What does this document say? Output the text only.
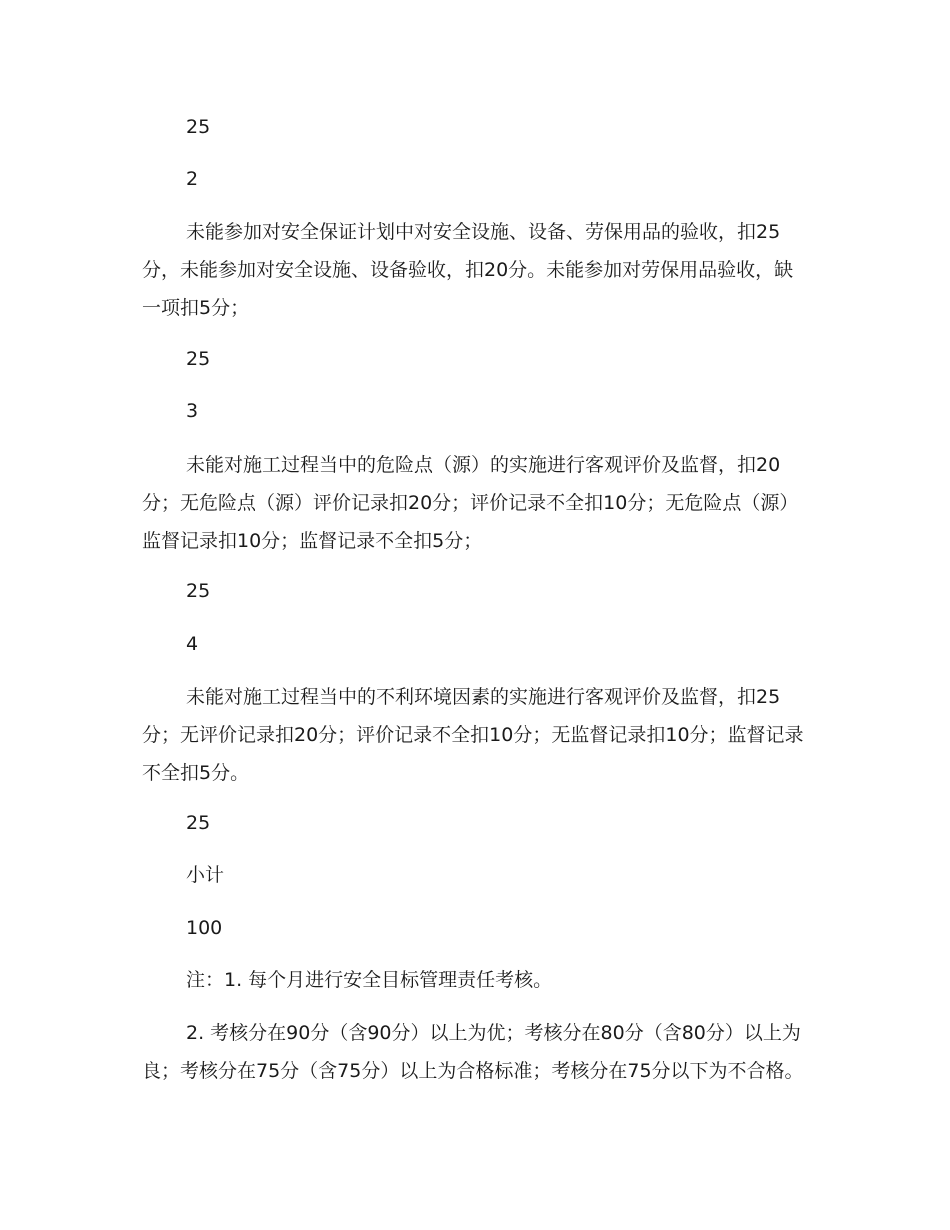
25
2
未能参加对安全保证计划中对安全设施、设备、劳保用品的验收，扣25分，未能参加对安全设施、设备验收，扣20分。未能参加对劳保用品验收，缺一项扣5分；
25
3
未能对施工过程当中的危险点（源）的实施进行客观评价及监督，扣20分；无危险点（源）评价记录扣20分；评价记录不全扣10分；无危险点（源）监督记录扣10分；监督记录不全扣5分；
25
4
未能对施工过程当中的不利环境因素的实施进行客观评价及监督，扣25分；无评价记录扣20分；评价记录不全扣10分；无监督记录扣10分；监督记录不全扣5分。
25
小计
100
注：1. 每个月进行安全目标管理责任考核。
2. 考核分在90分（含90分）以上为优；考核分在80分（含80分）以上为良；考核分在75分（含75分）以上为合格标准；考核分在75分以下为不合格。
